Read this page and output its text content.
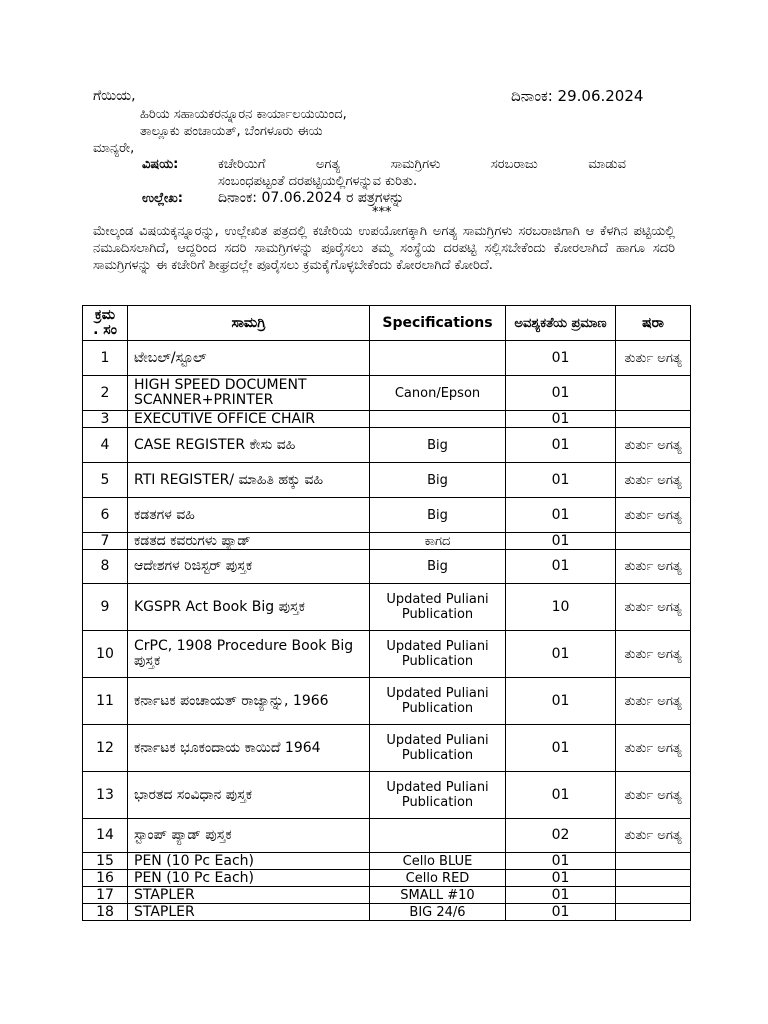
ಗೆಯಿಯ,	ದಿನಾಂಕ: 29.06.2024
ಹಿರಿಯ ಸಹಾಯಕರನ್ನೂರನ ಕಾರ್ಯಾಲಯಯಿಂದ,
ತಾಲ್ಲೂಕು ಪಂಚಾಯತ್, ಬೆಂಗಳೂರು ಈಯ
ಮಾನ್ಯರೇ,
ವಿಷಯ:	ಕಚೇರಿಯಿಗೆ ಅಗತ್ಯ ಸಾಮಗ್ರಿಗಳು ಸರಬರಾಜು ಮಾಡುವ
ಸಂಬಂಧಪಟ್ಟಂತೆ ದರಪಟ್ಟಿಯಲ್ಲಿಗಳನ್ನುವ ಕುರಿತು.
ಉಲ್ಲೇಖ:	ದಿನಾಂಕ: 07.06.2024 ರ ಪತ್ರಗಳನ್ನು
***
ಮೇಲ್ಕಂಡ ವಿಷಯಕ್ಕನ್ನೂರನ್ನು, ಉಲ್ಲೇಖಿತ ಪತ್ರದಲ್ಲಿ ಕಚೇರಿಯ ಉಪಯೋಗಕ್ಕಾಗಿ ಅಗತ್ಯ ಸಾಮಗ್ರಿಗಳು ಸರಬರಾಜಿಗಾಗಿ ಆ ಕೆಳಗಿನ ಪಟ್ಟಿಯಲ್ಲಿ ನಮೂದಿಸಲಾಗಿದೆ, ಆದ್ದರಿಂದ ಸದರಿ ಸಾಮಗ್ರಿಗಳನ್ನು ಪೂರೈಸಲು ತಮ್ಮ ಸಂಸ್ಥೆಯ ದರಪಟ್ಟಿ ಸಲ್ಲಿಸಬೇಕೆಂದು ಕೋರಲಾಗಿದೆ ಹಾಗೂ ಸದರಿ ಸಾಮಗ್ರಿಗಳನ್ನು ಈ ಕಚೇರಿಗೆ ಶೀಘ್ರದಲ್ಲೇ ಪೂರೈಸಲು ಕ್ರಮಕೈಗೊಳ್ಳಬೇಕೆಂದು ಕೋರಲಾಗಿದೆ ಕೋರಿದೆ.
ಕ್ರಮ
. ಸಂ	ಸಾಮಗ್ರಿ	Specifications	ಅವಶ್ಯಕತೆಯ ಪ್ರಮಾಣ	ಷರಾ
1	ಟೇಬಲ್/ಸ್ಟೂಲ್		01	ತುರ್ತು ಅಗತ್ಯ
2	HIGH SPEED DOCUMENT SCANNER+PRINTER	Canon/Epson	01	
3	EXECUTIVE OFFICE CHAIR		01	
4	CASE REGISTER ಕೇಸು ವಹಿ	Big	01	ತುರ್ತು ಅಗತ್ಯ
5	RTI REGISTER/ ಮಾಹಿತಿ ಹಕ್ಕು ವಹಿ	Big	01	ತುರ್ತು ಅಗತ್ಯ
6	ಕಡತಗಳ ವಹಿ	Big	01	ತುರ್ತು ಅಗತ್ಯ
7	ಕಡತದ ಕವರುಗಳು ಪ್ಯಾಡ್	ಕಾಗದ	01	
8	ಆದೇಶಗಳ ರಿಜಿಸ್ಟರ್ ಪುಸ್ತಕ	Big	01	ತುರ್ತು ಅಗತ್ಯ
9	KGSPR Act Book Big ಪುಸ್ತಕ	Updated Puliani Publication	10	ತುರ್ತು ಅಗತ್ಯ
10	CrPC, 1908 Procedure Book Big ಪುಸ್ತಕ	Updated Puliani Publication	01	ತುರ್ತು ಅಗತ್ಯ
11	ಕರ್ನಾಟಕ ಪಂಚಾಯತ್ ರಾಜ್ಯಾನ್ನು, 1966	Updated Puliani Publication	01	ತುರ್ತು ಅಗತ್ಯ
12	ಕರ್ನಾಟಕ ಭೂಕಂದಾಯ ಕಾಯಿದೆ 1964	Updated Puliani Publication	01	ತುರ್ತು ಅಗತ್ಯ
13	ಭಾರತದ ಸಂವಿಧಾನ ಪುಸ್ತಕ	Updated Puliani Publication	01	ತುರ್ತು ಅಗತ್ಯ
14	ಸ್ಟಾಂಪ್ ಪ್ಯಾಡ್ ಪುಸ್ತಕ		02	ತುರ್ತು ಅಗತ್ಯ
15	PEN (10 Pc Each)	Cello BLUE	01	
16	PEN (10 Pc Each)	Cello RED	01	
17	STAPLER	SMALL #10	01	
18	STAPLER	BIG 24/6	01	
